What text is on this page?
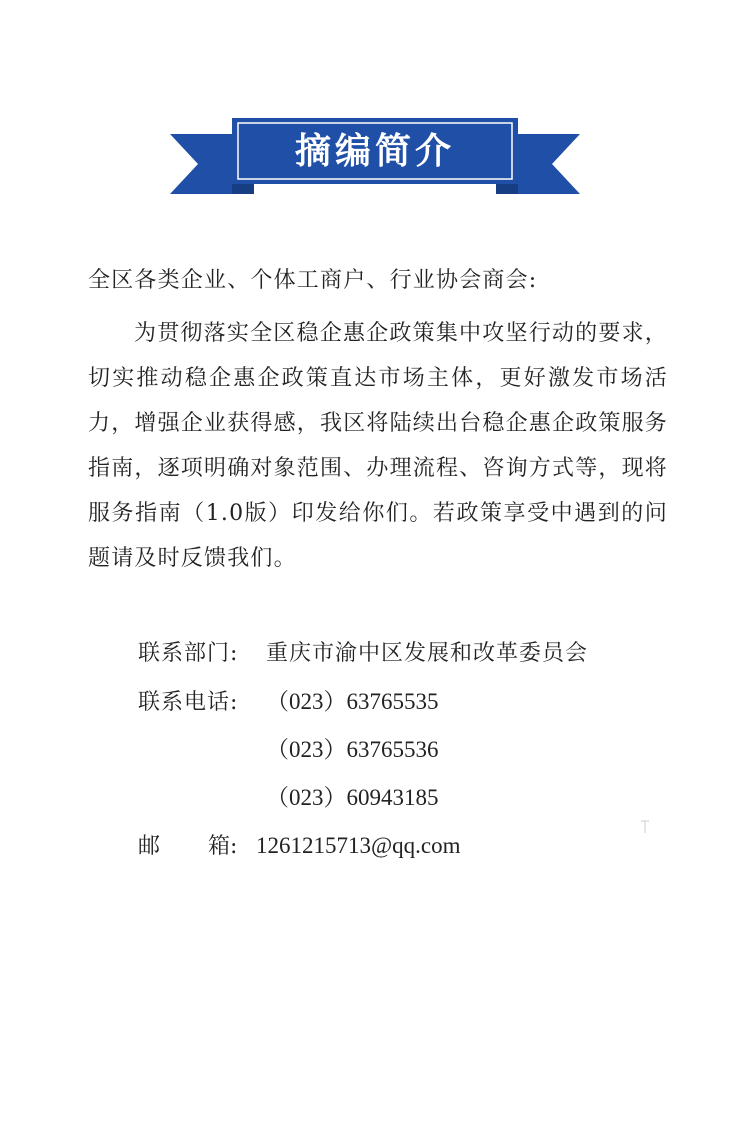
摘编简介

全区各类企业、个体工商户、行业协会商会:

为贯彻落实全区稳企惠企政策集中攻坚行动的要求，切实推动稳企惠企政策直达市场主体，更好激发市场活力，增强企业获得感，我区将陆续出台稳企惠企政策服务指南，逐项明确对象范围、办理流程、咨询方式等，现将服务指南（1.0版）印发给你们。若政策享受中遇到的问题请及时反馈我们。

联系部门: 重庆市渝中区发展和改革委员会
联系电话: （023）63765535
（023）63765536
（023）60943185
邮 箱: 1261215713@qq.com
